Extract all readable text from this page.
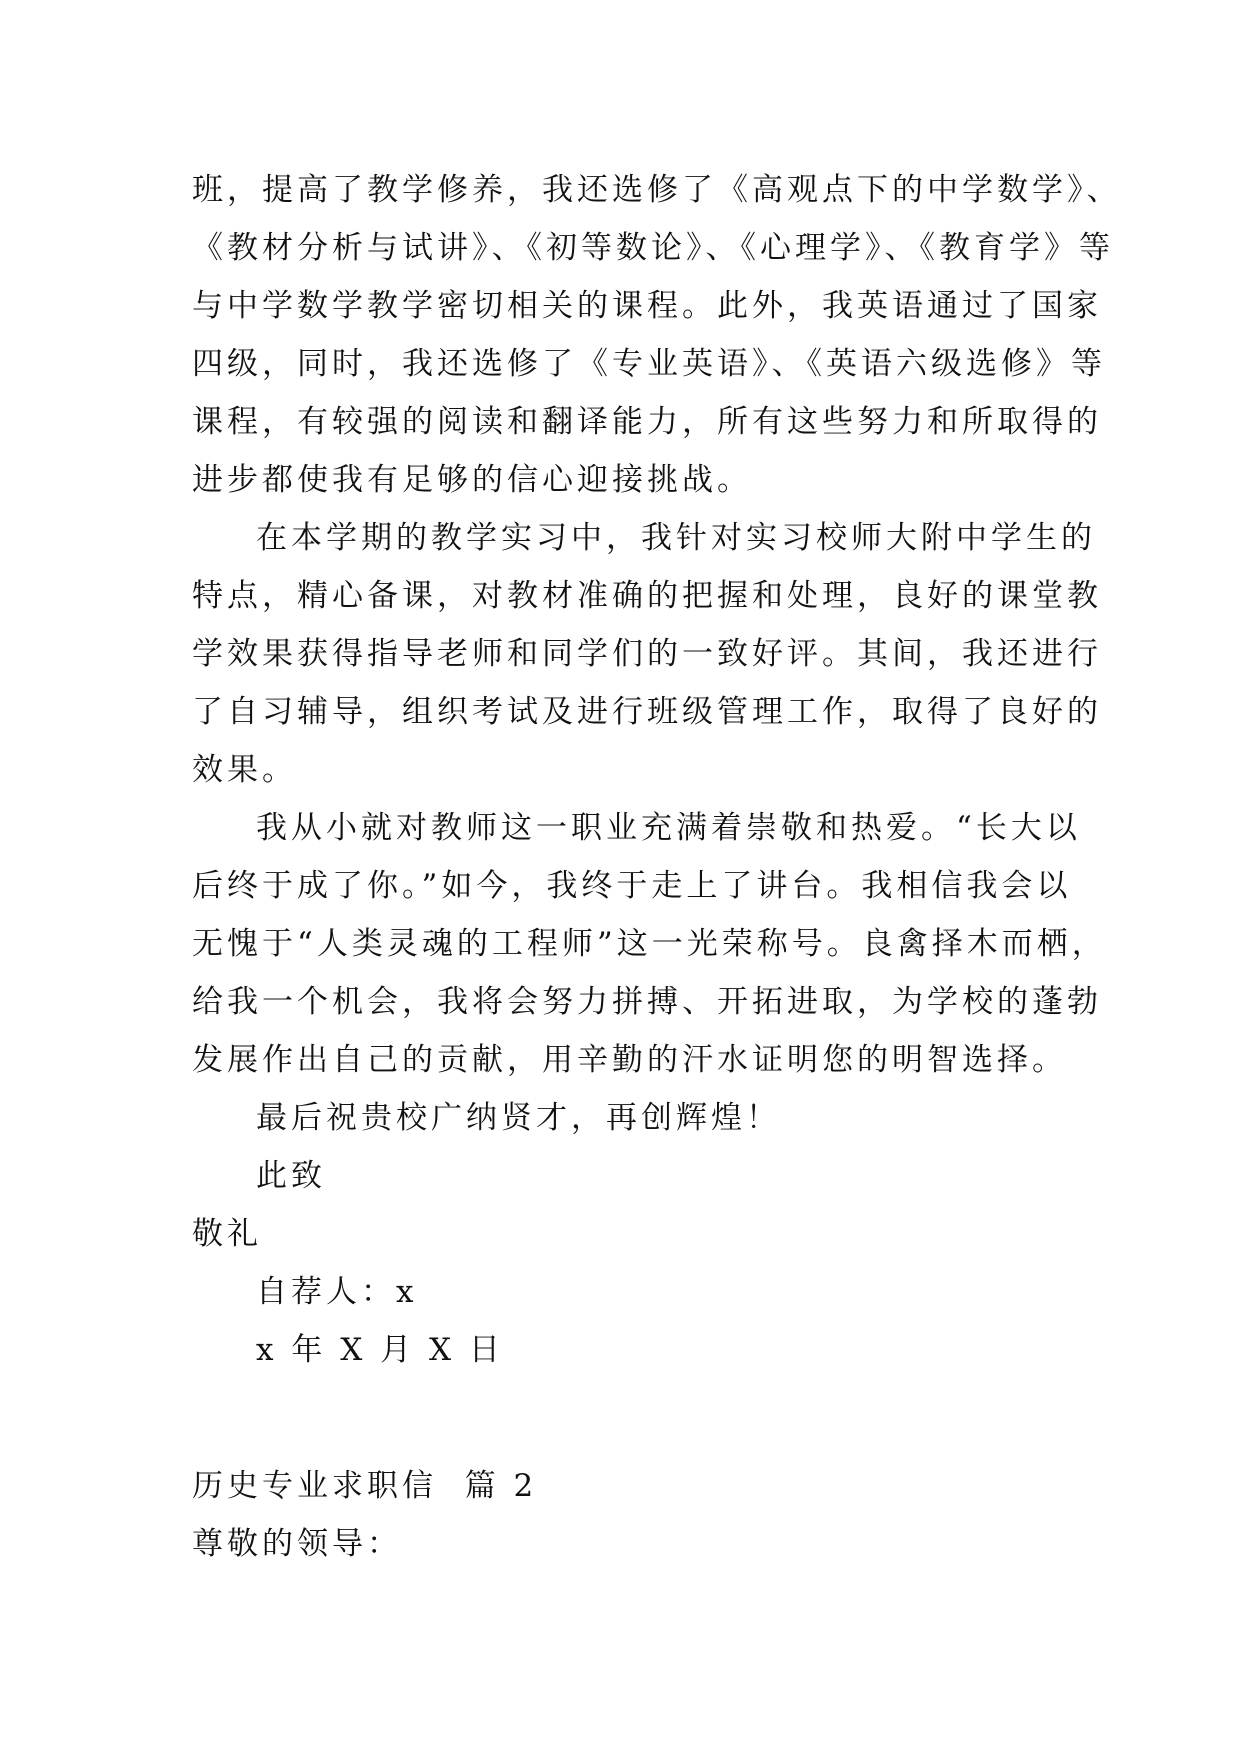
班，提高了教学修养，我还选修了《高观点下的中学数学》、
《教材分析与试讲》、《初等数论》、《心理学》、《教育学》等
与中学数学教学密切相关的课程。此外，我英语通过了国家
四级，同时，我还选修了《专业英语》、《英语六级选修》等
课程，有较强的阅读和翻译能力，所有这些努力和所取得的
进步都使我有足够的信心迎接挑战。
在本学期的教学实习中，我针对实习校师大附中学生的
特点，精心备课，对教材准确的把握和处理，良好的课堂教
学效果获得指导老师和同学们的一致好评。其间，我还进行
了自习辅导，组织考试及进行班级管理工作，取得了良好的
效果。
我从小就对教师这一职业充满着崇敬和热爱。“长大以
后终于成了你。”如今，我终于走上了讲台。我相信我会以
无愧于“人类灵魂的工程师”这一光荣称号。良禽择木而栖，
给我一个机会，我将会努力拼搏、开拓进取，为学校的蓬勃
发展作出自己的贡献，用辛勤的汗水证明您的明智选择。
最后祝贵校广纳贤才，再创辉煌！
此致
敬礼
自荐人：x
x 年 X 月 X 日
历史专业求职信  篇 2
尊敬的领导：
